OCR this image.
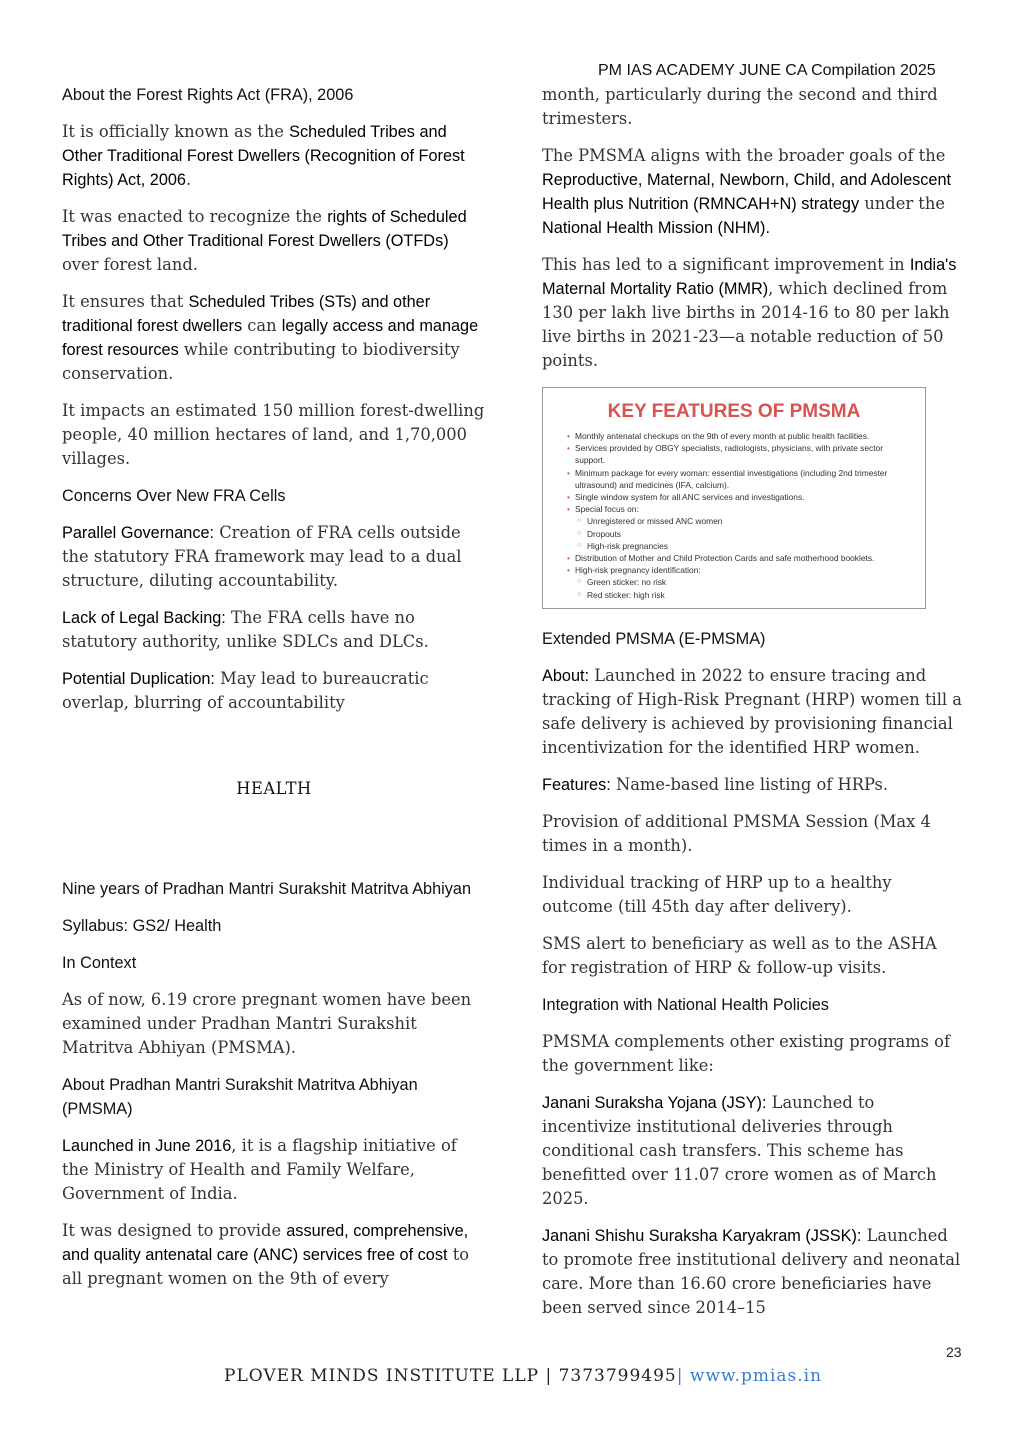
PM IAS ACADEMY JUNE CA Compilation 2025

About the Forest Rights Act (FRA), 2006

It is officially known as the Scheduled Tribes and Other Traditional Forest Dwellers (Recognition of Forest Rights) Act, 2006.

It was enacted to recognize the rights of Scheduled Tribes and Other Traditional Forest Dwellers (OTFDs) over forest land.

It ensures that Scheduled Tribes (STs) and other traditional forest dwellers can legally access and manage forest resources while contributing to biodiversity conservation.

It impacts an estimated 150 million forest-dwelling people, 40 million hectares of land, and 1,70,000 villages.

Concerns Over New FRA Cells

Parallel Governance: Creation of FRA cells outside the statutory FRA framework may lead to a dual structure, diluting accountability.

Lack of Legal Backing: The FRA cells have no statutory authority, unlike SDLCs and DLCs.

Potential Duplication: May lead to bureaucratic overlap, blurring of accountability

HEALTH

Nine years of Pradhan Mantri Surakshit Matritva Abhiyan

Syllabus: GS2/ Health

In Context

As of now, 6.19 crore pregnant women have been examined under Pradhan Mantri Surakshit Matritva Abhiyan (PMSMA).

About Pradhan Mantri Surakshit Matritva Abhiyan (PMSMA)

Launched in June 2016, it is a flagship initiative of the Ministry of Health and Family Welfare, Government of India.

It was designed to provide assured, comprehensive, and quality antenatal care (ANC) services free of cost to all pregnant women on the 9th of every

month, particularly during the second and third trimesters.

The PMSMA aligns with the broader goals of the Reproductive, Maternal, Newborn, Child, and Adolescent Health plus Nutrition (RMNCAH+N) strategy under the National Health Mission (NHM).

This has led to a significant improvement in India's Maternal Mortality Ratio (MMR), which declined from 130 per lakh live births in 2014-16 to 80 per lakh live births in 2021-23—a notable reduction of 50 points.

KEY FEATURES OF PMSMA
• Monthly antenatal checkups on the 9th of every month at public health facilities.
• Services provided by OBGY specialists, radiologists, physicians, with private sector support.
• Minimum package for every woman: essential investigations (including 2nd trimester ultrasound) and medicines (IFA, calcium).
• Single window system for all ANC services and investigations.
• Special focus on:
○ Unregistered or missed ANC women
○ Dropouts
○ High-risk pregnancies
• Distribution of Mother and Child Protection Cards and safe motherhood booklets.
• High-risk pregnancy identification:
○ Green sticker: no risk
○ Red sticker: high risk

Extended PMSMA (E-PMSMA)

About: Launched in 2022 to ensure tracing and tracking of High-Risk Pregnant (HRP) women till a safe delivery is achieved by provisioning financial incentivization for the identified HRP women.

Features: Name-based line listing of HRPs.

Provision of additional PMSMA Session (Max 4 times in a month).

Individual tracking of HRP up to a healthy outcome (till 45th day after delivery).

SMS alert to beneficiary as well as to the ASHA for registration of HRP & follow-up visits.

Integration with National Health Policies

PMSMA complements other existing programs of the government like:

Janani Suraksha Yojana (JSY): Launched to incentivize institutional deliveries through conditional cash transfers. This scheme has benefitted over 11.07 crore women as of March 2025.

Janani Shishu Suraksha Karyakram (JSSK): Launched to promote free institutional delivery and neonatal care. More than 16.60 crore beneficiaries have been served since 2014–15

23
PLOVER MINDS INSTITUTE LLP | 7373799495| www.pmias.in
